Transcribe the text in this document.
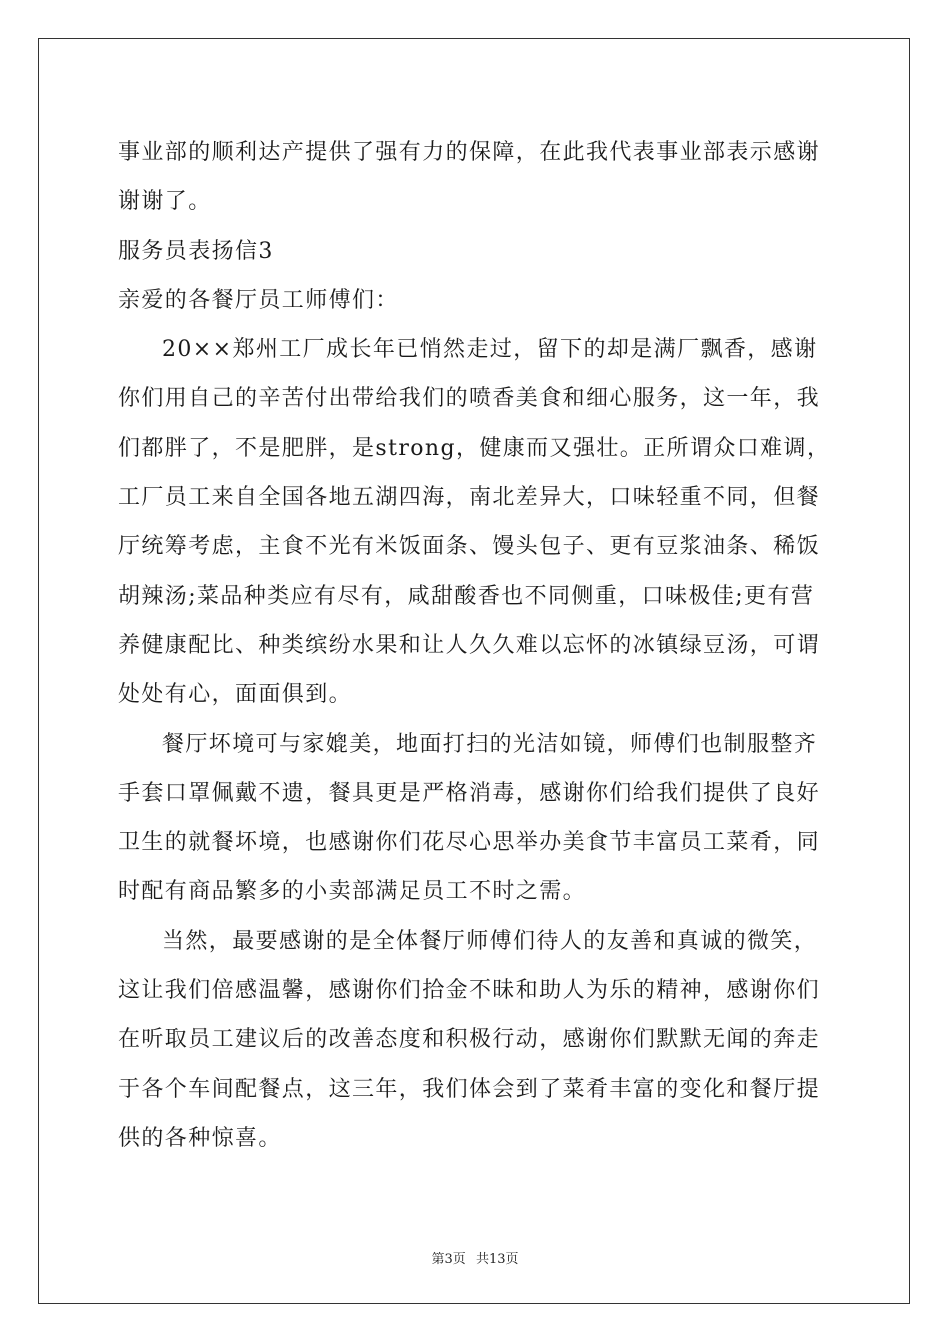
事业部的顺利达产提供了强有力的保障，在此我代表事业部表示感谢
谢谢了。
服务员表扬信3
亲爱的各餐厅员工师傅们：
20××郑州工厂成长年已悄然走过，留下的却是满厂飘香，感谢
你们用自己的辛苦付出带给我们的喷香美食和细心服务，这一年，我
们都胖了，不是肥胖，是strong，健康而又强壮。正所谓众口难调，
工厂员工来自全国各地五湖四海，南北差异大，口味轻重不同，但餐
厅统筹考虑，主食不光有米饭面条、馒头包子、更有豆浆油条、稀饭
胡辣汤;菜品种类应有尽有，咸甜酸香也不同侧重，口味极佳;更有营
养健康配比、种类缤纷水果和让人久久难以忘怀的冰镇绿豆汤，可谓
处处有心，面面俱到。
餐厅坏境可与家媲美，地面打扫的光洁如镜，师傅们也制服整齐
手套口罩佩戴不遗，餐具更是严格消毒，感谢你们给我们提供了良好
卫生的就餐坏境，也感谢你们花尽心思举办美食节丰富员工菜肴，同
时配有商品繁多的小卖部满足员工不时之需。
当然，最要感谢的是全体餐厅师傅们待人的友善和真诚的微笑，
这让我们倍感温馨，感谢你们拾金不昧和助人为乐的精神，感谢你们
在听取员工建议后的改善态度和积极行动，感谢你们默默无闻的奔走
于各个车间配餐点，这三年，我们体会到了菜肴丰富的变化和餐厅提
供的各种惊喜。
第3页 共13页
